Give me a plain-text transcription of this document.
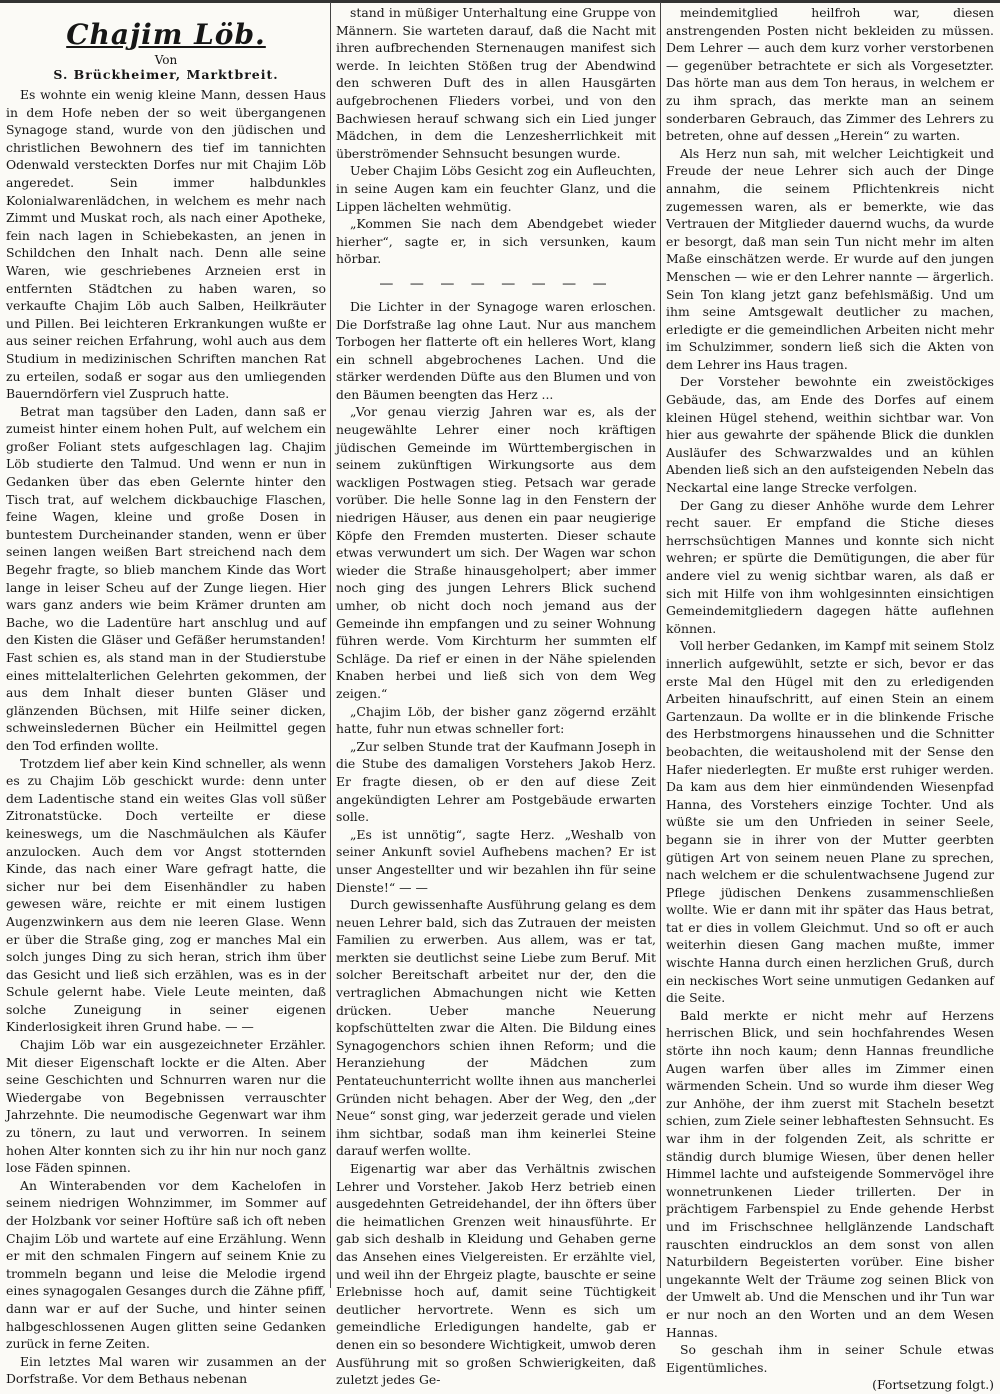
Chajim Löb.
Von
S. Brückheimer, Marktbreit.

Es wohnte ein wenig kleine Mann, dessen Haus in dem Hofe neben der so weit übergangenen Synagoge stand, wurde von den jüdischen und christlichen Bewohnern des tief im tannichten Odenwald versteckten Dorfes nur mit Chajim Löb angeredet. Sein immer halbdunkles Kolonialwarenlädchen, in welchem es mehr nach Zimmt und Muskat roch, als nach einer Apotheke, fein nach lagen in Schiebekasten, an jenen in Schildchen den Inhalt nach. Denn alle seine Waren, wie geschriebenes Arzneien erst in entfernten Städtchen zu haben waren, so verkaufte Chajim Löb auch Salben, Heilkräuter und Pillen. Bei leichteren Erkrankungen wußte er aus seiner reichen Erfahrung, wohl auch aus dem Studium in medizinischen Schriften manchen Rat zu erteilen, sodaß er sogar aus den umliegenden Bauerndörfern viel Zuspruch hatte.

Betrat man tagsüber den Laden, dann saß er zumeist hinter einem hohen Pult, auf welchem ein großer Foliant stets aufgeschlagen lag. Chajim Löb studierte den Talmud. Und wenn er nun in Gedanken über das eben Gelernte hinter den Tisch trat, auf welchem dickbauchige Flaschen, feine Wagen, kleine und große Dosen in buntestem Durcheinander standen, wenn er über seinen langen weißen Bart streichend nach dem Begehr fragte, so blieb manchem Kinde das Wort lange in leiser Scheu auf der Zunge liegen. Hier wars ganz anders wie beim Krämer drunten am Bache, wo die Ladentüre hart anschlug und auf den Kisten die Gläser und Gefäßer herumstanden! Fast schien es, als stand man in der Studierstube eines mittelalterlichen Gelehrten gekommen, der aus dem Inhalt dieser bunten Gläser und glänzenden Büchsen, mit Hilfe seiner dicken, schweinsledernen Bücher ein Heilmittel gegen den Tod erfinden wollte.

Trotzdem lief aber kein Kind schneller, als wenn es zu Chajim Löb geschickt wurde: denn unter dem Ladentische stand ein weites Glas voll süßer Zitronatstücke. Doch verteilte er diese keineswegs, um die Naschmäulchen als Käufer anzulocken. Auch dem vor Angst stotternden Kinde, das nach einer Ware gefragt hatte, die sicher nur bei dem Eisenhändler zu haben gewesen wäre, reichte er mit einem lustigen Augenzwinkern aus dem nie leeren Glase. Wenn er über die Straße ging, zog er manches Mal ein solch junges Ding zu sich heran, strich ihm über das Gesicht und ließ sich erzählen, was es in der Schule gelernt habe. Viele Leute meinten, daß solche Zuneigung in seiner eigenen Kinderlosigkeit ihren Grund habe. — —

Chajim Löb war ein ausgezeichneter Erzähler. Mit dieser Eigenschaft lockte er die Alten. Aber seine Geschichten und Schnurren waren nur die Wiedergabe von Begebnissen verrauschter Jahrzehnte. Die neumodische Gegenwart war ihm zu tönern, zu laut und verworren. In seinem hohen Alter konnten sich zu ihr hin nur noch ganz lose Fäden spinnen.

An Winterabenden vor dem Kachelofen in seinem niedrigen Wohnzimmer, im Sommer auf der Holzbank vor seiner Hoftüre saß ich oft neben Chajim Löb und wartete auf eine Erzählung. Wenn er mit den schmalen Fingern auf seinem Knie zu trommeln begann und leise die Melodie irgend eines synagogalen Gesanges durch die Zähne pfiff, dann war er auf der Suche, und hinter seinen halbgeschlossenen Augen glitten seine Gedanken zurück in ferne Zeiten.

Ein letztes Mal waren wir zusammen an der Dorfstraße. Vor dem Bethaus nebenan

stand in müßiger Unterhaltung eine Gruppe von Männern. Sie warteten darauf, daß die Nacht mit ihren aufbrechenden Sternenaugen manifest sich werde. In leichten Stößen trug der Abendwind den schweren Duft des in allen Hausgärten aufgebrochenen Flieders vorbei, und von den Bachwiesen herauf schwang sich ein Lied junger Mädchen, in dem die Lenzesherrlichkeit mit überströmender Sehnsucht besungen wurde.

Ueber Chajim Löbs Gesicht zog ein Aufleuchten, in seine Augen kam ein feuchter Glanz, und die Lippen lächelten wehmütig.

„Kommen Sie nach dem Abendgebet wieder hierher“, sagte er, in sich versunken, kaum hörbar.

— — — — — — — —

Die Lichter in der Synagoge waren erloschen. Die Dorfstraße lag ohne Laut. Nur aus manchem Torbogen her flatterte oft ein helleres Wort, klang ein schnell abgebrochenes Lachen. Und die stärker werdenden Düfte aus den Blumen und von den Bäumen beengten das Herz ...

„Vor genau vierzig Jahren war es, als der neugewählte Lehrer einer noch kräftigen jüdischen Gemeinde im Württembergischen in seinem zukünftigen Wirkungsorte aus dem wackligen Postwagen stieg. Petsach war gerade vorüber. Die helle Sonne lag in den Fenstern der niedrigen Häuser, aus denen ein paar neugierige Köpfe den Fremden musterten. Dieser schaute etwas verwundert um sich. Der Wagen war schon wieder die Straße hinausgeholpert; aber immer noch ging des jungen Lehrers Blick suchend umher, ob nicht doch noch jemand aus der Gemeinde ihn empfangen und zu seiner Wohnung führen werde. Vom Kirchturm her summten elf Schläge. Da rief er einen in der Nähe spielenden Knaben herbei und ließ sich von dem Weg zeigen.“

„Chajim Löb, der bisher ganz zögernd erzählt hatte, fuhr nun etwas schneller fort:

„Zur selben Stunde trat der Kaufmann Joseph in die Stube des damaligen Vorstehers Jakob Herz. Er fragte diesen, ob er den auf diese Zeit angekündigten Lehrer am Postgebäude erwarten solle.

„Es ist unnötig“, sagte Herz. „Weshalb von seiner Ankunft soviel Aufhebens machen? Er ist unser Angestellter und wir bezahlen ihn für seine Dienste!“ — —

Durch gewissenhafte Ausführung gelang es dem neuen Lehrer bald, sich das Zutrauen der meisten Familien zu erwerben. Aus allem, was er tat, merkten sie deutlichst seine Liebe zum Beruf. Mit solcher Bereitschaft arbeitet nur der, den die vertraglichen Abmachungen nicht wie Ketten drücken. Ueber manche Neuerung kopfschüttelten zwar die Alten. Die Bildung eines Synagogenchors schien ihnen Reform; und die Heranziehung der Mädchen zum Pentateuchunterricht wollte ihnen aus mancherlei Gründen nicht behagen. Aber der Weg, den „der Neue“ sonst ging, war jederzeit gerade und vielen ihm sichtbar, sodaß man ihm keinerlei Steine darauf werfen wollte.

Eigenartig war aber das Verhältnis zwischen Lehrer und Vorsteher. Jakob Herz betrieb einen ausgedehnten Getreidehandel, der ihn öfters über die heimatlichen Grenzen weit hinausführte. Er gab sich deshalb in Kleidung und Gehaben gerne das Ansehen eines Vielgereisten. Er erzählte viel, und weil ihn der Ehrgeiz plagte, bauschte er seine Erlebnisse hoch auf, damit seine Tüchtigkeit deutlicher hervortrete. Wenn es sich um gemeindliche Erledigungen handelte, gab er denen ein so besondere Wichtigkeit, umwob deren Ausführung mit so großen Schwierigkeiten, daß zuletzt jedes Ge-

meindemitglied heilfroh war, diesen anstrengenden Posten nicht bekleiden zu müssen. Dem Lehrer — auch dem kurz vorher verstorbenen — gegenüber betrachtete er sich als Vorgesetzter. Das hörte man aus dem Ton heraus, in welchem er zu ihm sprach, das merkte man an seinem sonderbaren Gebrauch, das Zimmer des Lehrers zu betreten, ohne auf dessen „Herein“ zu warten.

Als Herz nun sah, mit welcher Leichtigkeit und Freude der neue Lehrer sich auch der Dinge annahm, die seinem Pflichtenkreis nicht zugemessen waren, als er bemerkte, wie das Vertrauen der Mitglieder dauernd wuchs, da wurde er besorgt, daß man sein Tun nicht mehr im alten Maße einschätzen werde. Er wurde auf den jungen Menschen — wie er den Lehrer nannte — ärgerlich. Sein Ton klang jetzt ganz befehlsmäßig. Und um ihm seine Amtsgewalt deutlicher zu machen, erledigte er die gemeindlichen Arbeiten nicht mehr im Schulzimmer, sondern ließ sich die Akten von dem Lehrer ins Haus tragen.

Der Vorsteher bewohnte ein zweistöckiges Gebäude, das, am Ende des Dorfes auf einem kleinen Hügel stehend, weithin sichtbar war. Von hier aus gewahrte der spähende Blick die dunklen Ausläufer des Schwarzwaldes und an kühlen Abenden ließ sich an den aufsteigenden Nebeln das Neckartal eine lange Strecke verfolgen.

Der Gang zu dieser Anhöhe wurde dem Lehrer recht sauer. Er empfand die Stiche dieses herrschsüchtigen Mannes und konnte sich nicht wehren; er spürte die Demütigungen, die aber für andere viel zu wenig sichtbar waren, als daß er sich mit Hilfe von ihm wohlgesinnten einsichtigen Gemeindemitgliedern dagegen hätte auflehnen können.

Voll herber Gedanken, im Kampf mit seinem Stolz innerlich aufgewühlt, setzte er sich, bevor er das erste Mal den Hügel mit den zu erledigenden Arbeiten hinaufschritt, auf einen Stein an einem Gartenzaun. Da wollte er in die blinkende Frische des Herbstmorgens hinaussehen und die Schnitter beobachten, die weitausholend mit der Sense den Hafer niederlegten. Er mußte erst ruhiger werden. Da kam aus dem hier einmündenden Wiesenpfad Hanna, des Vorstehers einzige Tochter. Und als wüßte sie um den Unfrieden in seiner Seele, begann sie in ihrer von der Mutter geerbten gütigen Art von seinem neuen Plane zu sprechen, nach welchem er die schulentwachsene Jugend zur Pflege jüdischen Denkens zusammenschließen wollte. Wie er dann mit ihr später das Haus betrat, tat er dies in vollem Gleichmut. Und so oft er auch weiterhin diesen Gang machen mußte, immer wischte Hanna durch einen herzlichen Gruß, durch ein neckisches Wort seine unmutigen Gedanken auf die Seite.

Bald merkte er nicht mehr auf Herzens herrischen Blick, und sein hochfahrendes Wesen störte ihn noch kaum; denn Hannas freundliche Augen warfen über alles im Zimmer einen wärmenden Schein. Und so wurde ihm dieser Weg zur Anhöhe, der ihm zuerst mit Stacheln besetzt schien, zum Ziele seiner lebhaftesten Sehnsucht. Es war ihm in der folgenden Zeit, als schritte er ständig durch blumige Wiesen, über denen heller Himmel lachte und aufsteigende Sommervögel ihre wonnetrunkenen Lieder trillerten. Der in prächtigem Farbenspiel zu Ende gehende Herbst und im Frischschnee hellglänzende Landschaft rauschten eindrucklos an dem sonst von allen Naturbildern Begeisterten vorüber. Eine bisher ungekannte Welt der Träume zog seinen Blick von der Umwelt ab. Und die Menschen und ihr Tun war er nur noch an den Worten und an dem Wesen Hannas.

So geschah ihm in seiner Schule etwas Eigentümliches.

(Fortsetzung folgt.)
